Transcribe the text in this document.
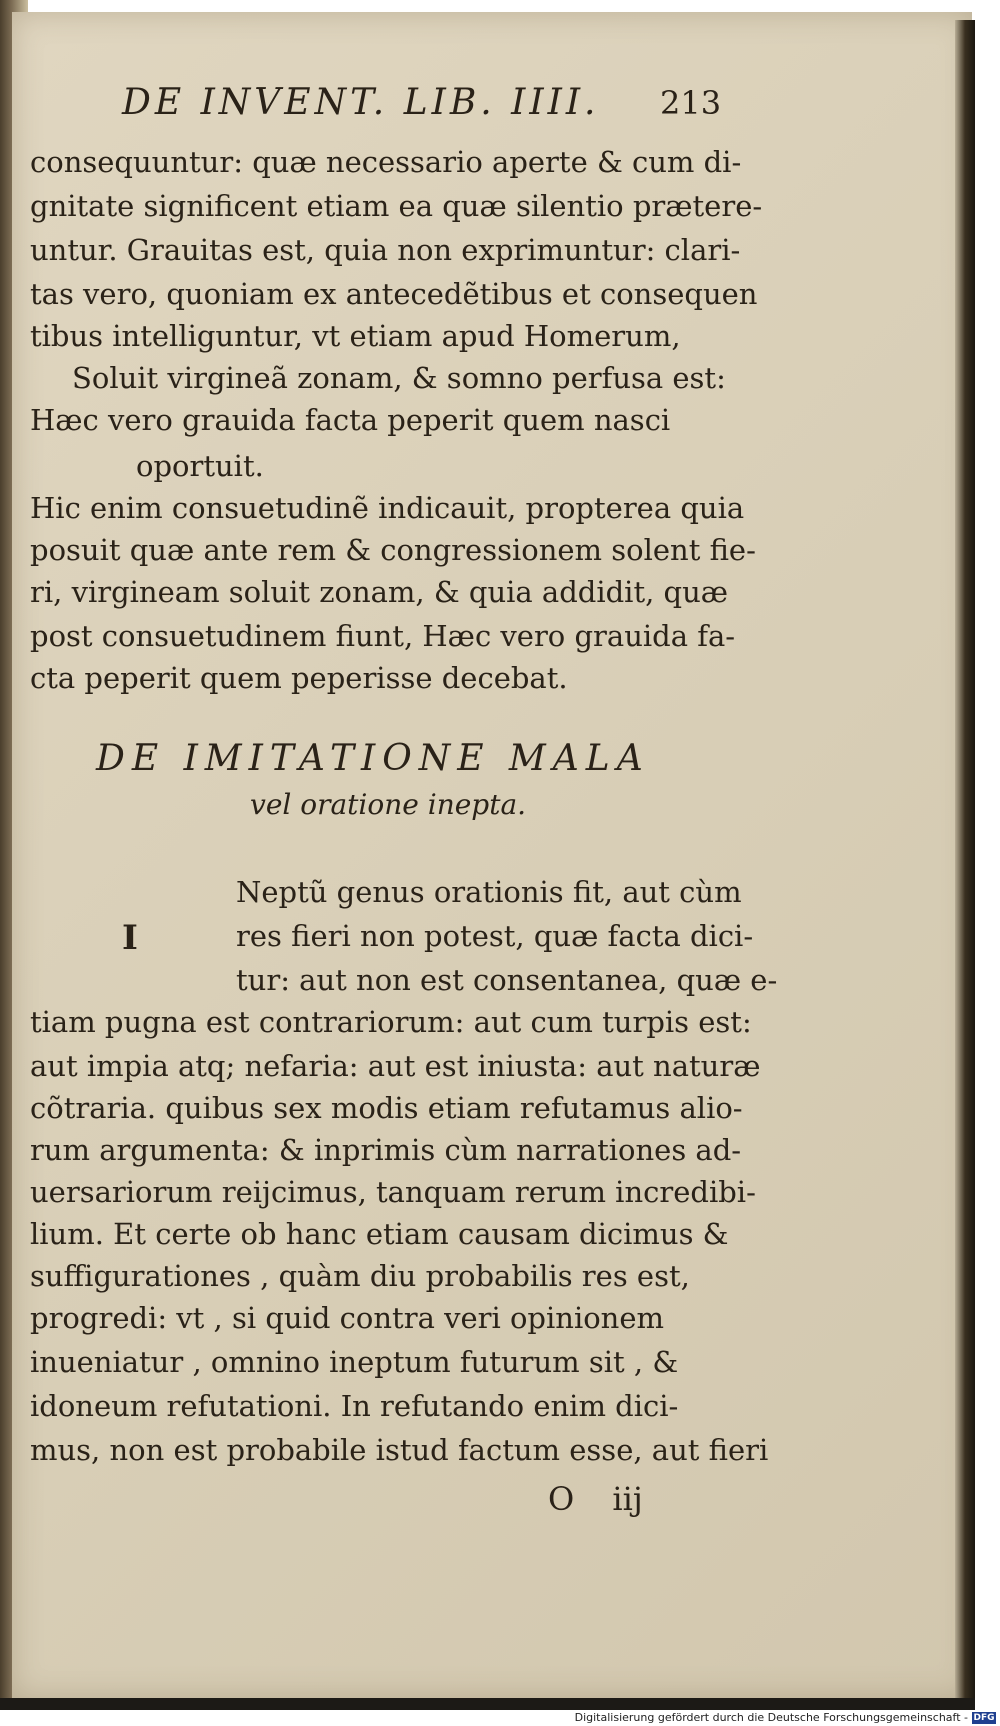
DE INVENT. LIB. IIII.	213
consequuntur: quæ necessario aperte & cum di-
gnitate significent etiam ea quæ silentio prætere-
untur. Grauitas est, quia non exprimuntur: clari-
tas vero, quoniam ex antecedẽtibus et consequen
tibus intelliguntur, vt etiam apud Homerum,
Soluit virgineã zonam, & somno perfusa est:
Hæc vero grauida facta peperit quem nasci
oportuit.
Hic enim consuetudinẽ indicauit, propterea quia
posuit quæ ante rem & congressionem solent fie-
ri, virgineam soluit zonam, & quia addidit, quæ
post consuetudinem fiunt, Hæc vero grauida fa-
cta peperit quem peperisse decebat.
DE IMITATIONE MALA
vel oratione inepta.
I
Neptũ genus orationis fit, aut cùm
res fieri non potest, quæ facta dici-
tur: aut non est consentanea, quæ e-
tiam pugna est contrariorum: aut cum turpis est:
aut impia atq; nefaria: aut est iniusta: aut naturæ
cõtraria. quibus sex modis etiam refutamus alio-
rum argumenta: & inprimis cùm narrationes ad-
uersariorum reijcimus, tanquam rerum incredibi-
lium. Et certe ob hanc etiam causam dicimus &
suffigurationes , quàm diu probabilis res est,
progredi: vt , si quid contra veri opinionem
inueniatur , omnino ineptum futurum sit , &
idoneum refutationi. In refutando enim dici-
mus, non est probabile istud factum esse, aut fieri
O iij
Digitalisierung gefördert durch die Deutsche Forschungsgemeinschaft - DFG
